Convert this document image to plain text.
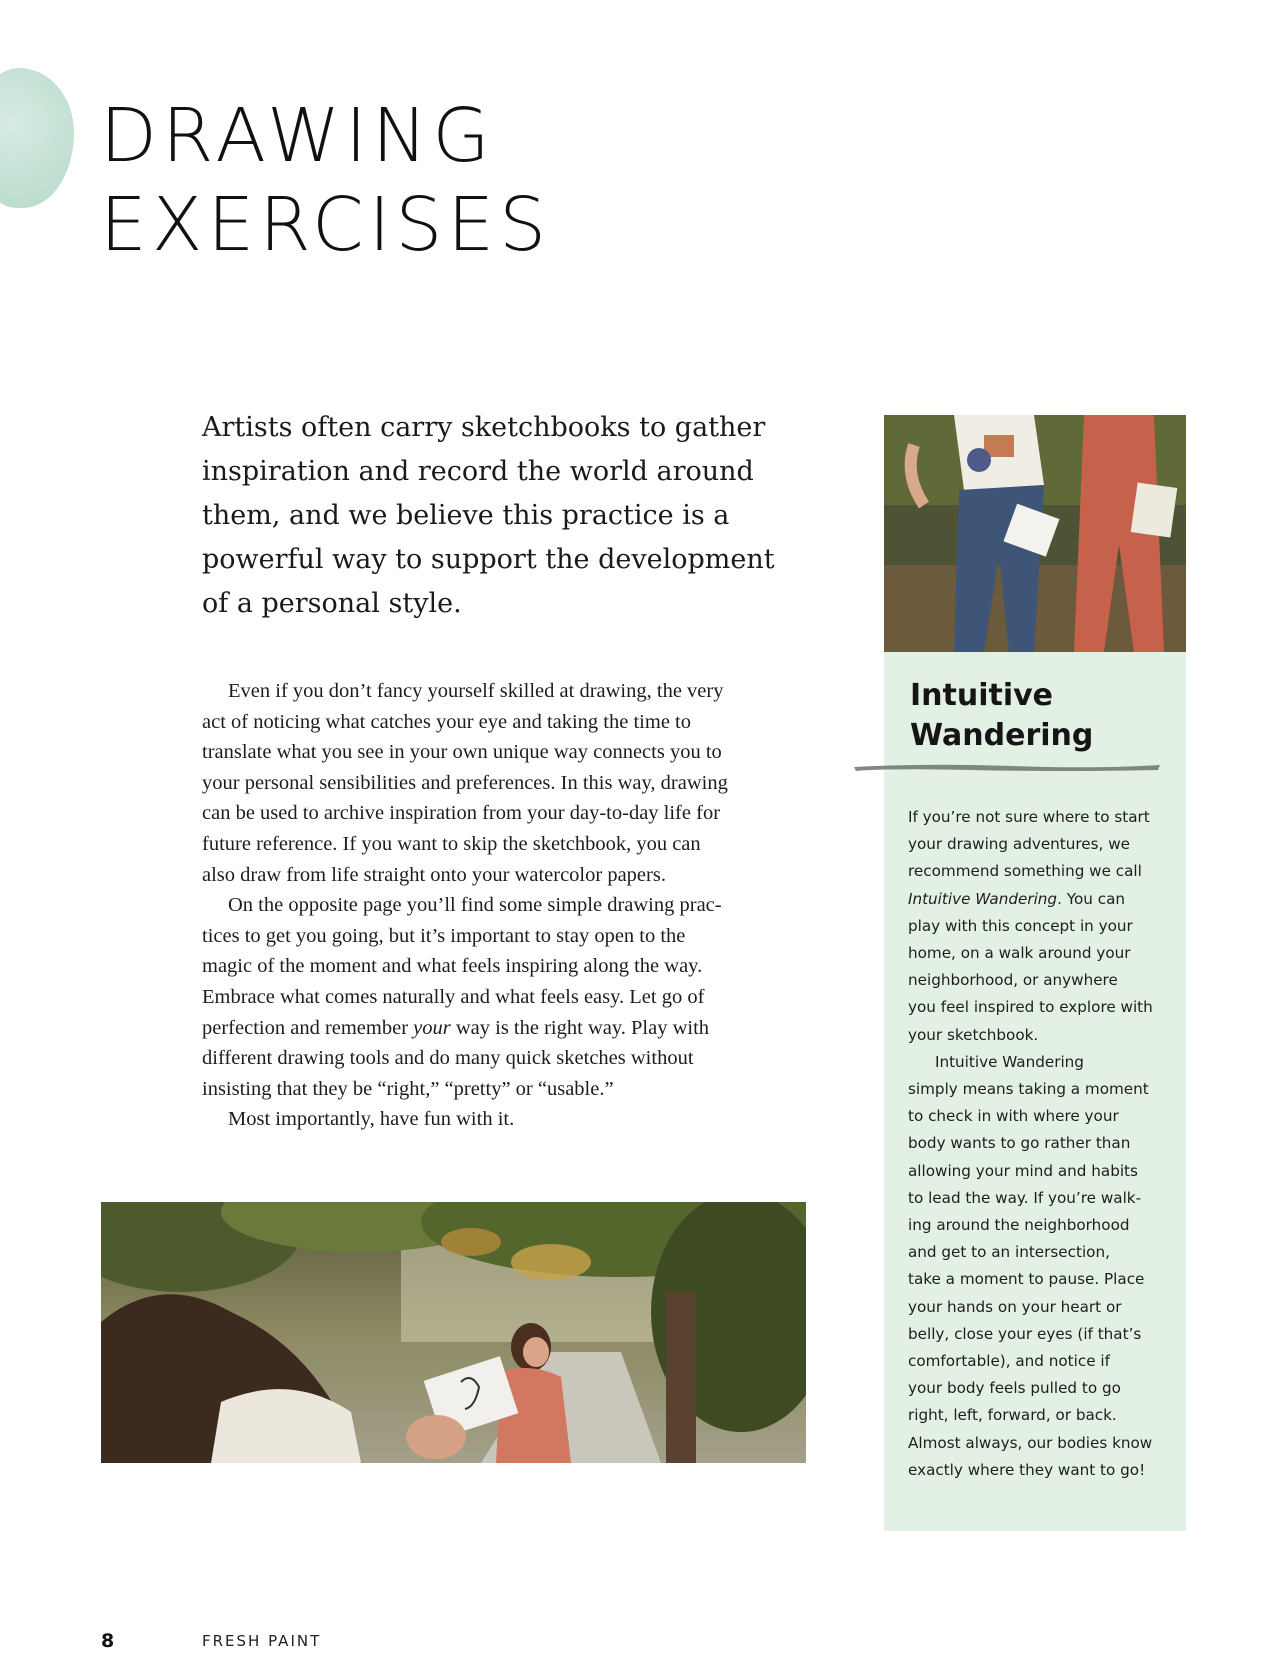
DRAWING
EXERCISES

Artists often carry sketchbooks to gather
inspiration and record the world around
them, and we believe this practice is a
powerful way to support the development
of a personal style.

Even if you don’t fancy yourself skilled at drawing, the very
act of noticing what catches your eye and taking the time to
translate what you see in your own unique way connects you to
your personal sensibilities and preferences. In this way, drawing
can be used to archive inspiration from your day-to-day life for
future reference. If you want to skip the sketchbook, you can
also draw from life straight onto your watercolor papers.
On the opposite page you’ll find some simple drawing prac-
tices to get you going, but it’s important to stay open to the
magic of the moment and what feels inspiring along the way.
Embrace what comes naturally and what feels easy. Let go of
perfection and remember your way is the right way. Play with
different drawing tools and do many quick sketches without
insisting that they be “right,” “pretty” or “usable.”
Most importantly, have fun with it.
Intuitive
Wandering
If you’re not sure where to start
your drawing adventures, we
recommend something we call
Intuitive Wandering. You can
play with this concept in your
home, on a walk around your
neighborhood, or anywhere
you feel inspired to explore with
your sketchbook.
Intuitive Wandering
simply means taking a moment
to check in with where your
body wants to go rather than
allowing your mind and habits
to lead the way. If you’re walk-
ing around the neighborhood
and get to an intersection,
take a moment to pause. Place
your hands on your heart or
belly, close your eyes (if that’s
comfortable), and notice if
your body feels pulled to go
right, left, forward, or back.
Almost always, our bodies know
exactly where they want to go!
8	FRESH PAINT
